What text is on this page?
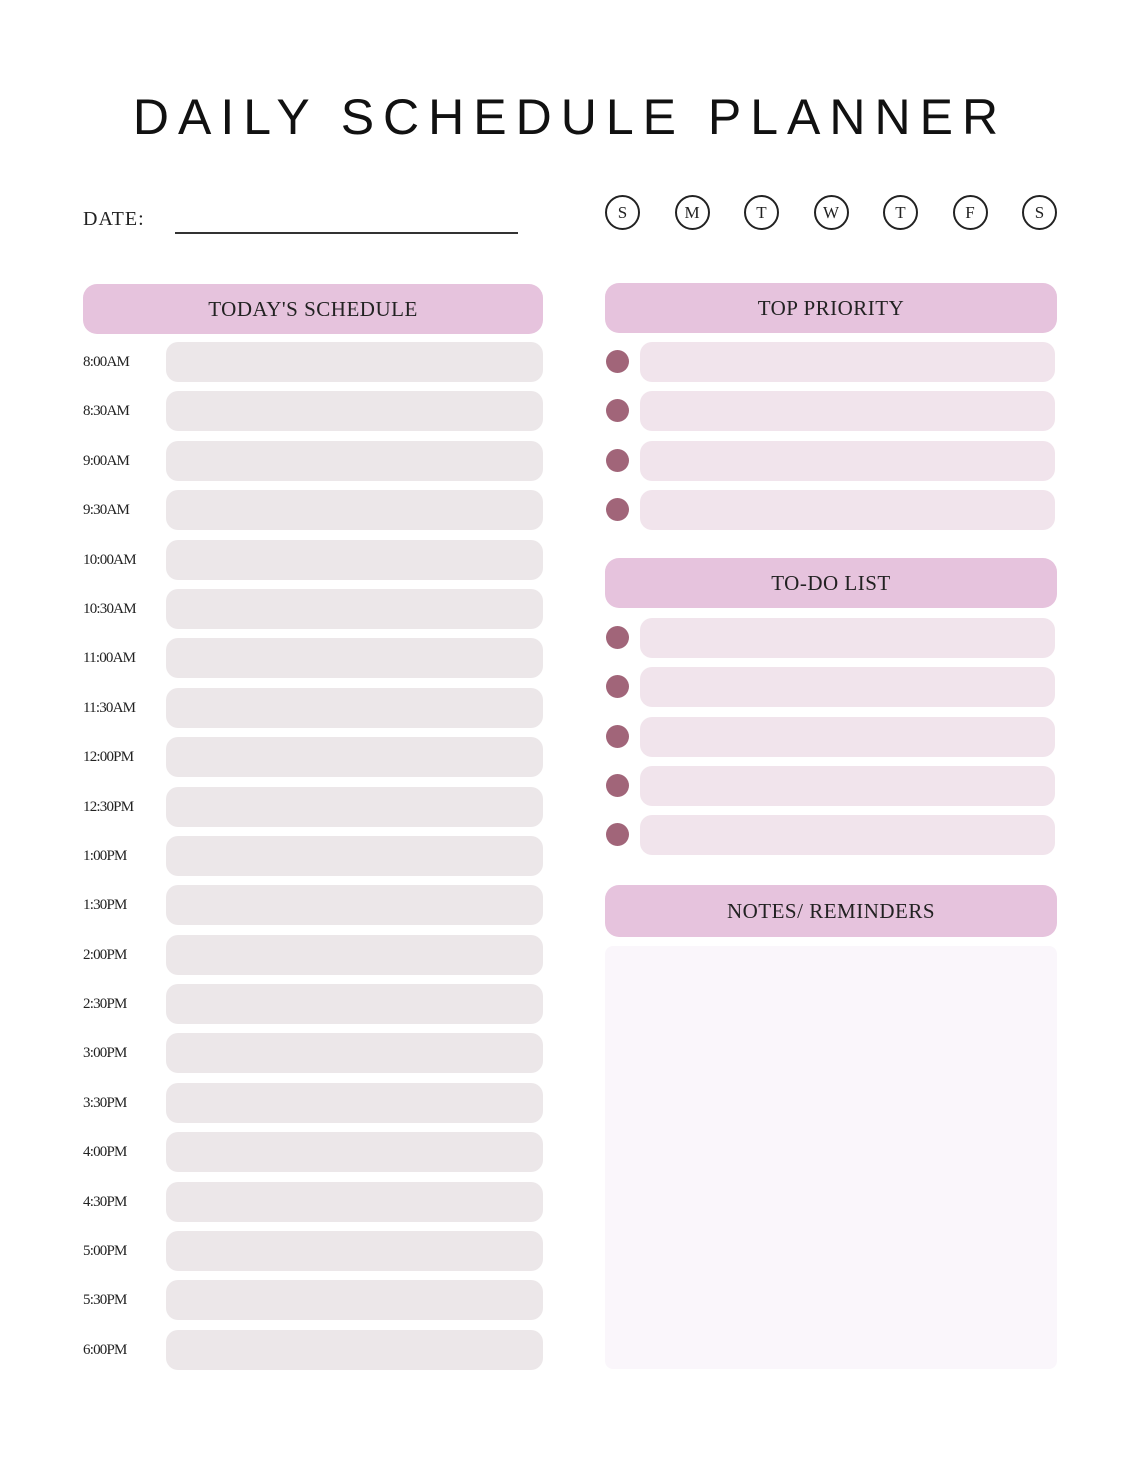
DAILY SCHEDULE PLANNER
DATE:	S	M	T	W	T	F	S
TODAY'S SCHEDULE
8:00AM
8:30AM
9:00AM
9:30AM
10:00AM
10:30AM
11:00AM
11:30AM
12:00PM
12:30PM
1:00PM
1:30PM
2:00PM
2:30PM
3:00PM
3:30PM
4:00PM
4:30PM
5:00PM
5:30PM
6:00PM
TOP PRIORITY
TO-DO LIST
NOTES/ REMINDERS
